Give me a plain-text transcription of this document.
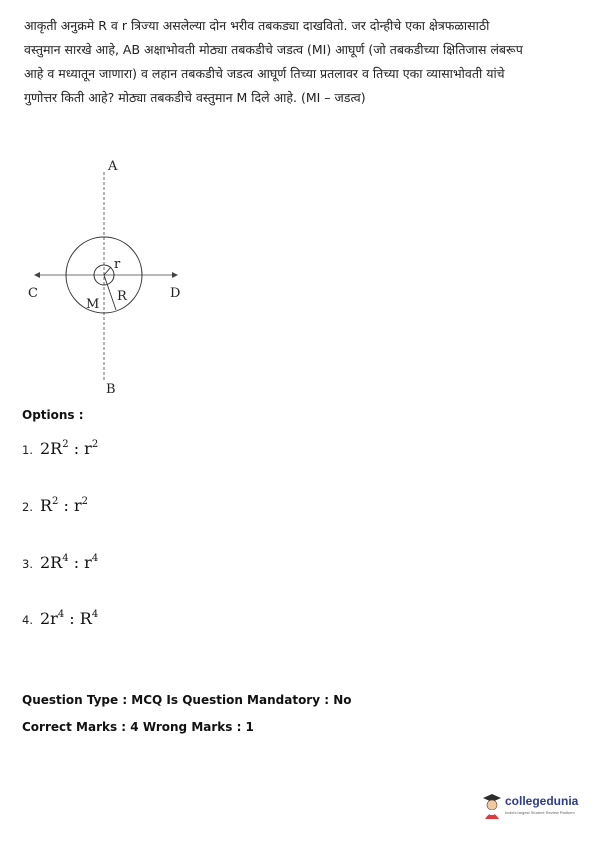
आकृती अनुक्रमे R व r त्रिज्या असलेल्या दोन भरीव तबकड्या दाखवितो. जर दोन्हीचे एका क्षेत्रफळासाठी

वस्तुमान सारखे आहे, AB अक्षाभोवती मोठ्या तबकडीचे जडत्व (MI) आघूर्ण (जो तबकडीच्या क्षितिजास लंबरूप

आहे व मध्यातून जाणारा) व लहान तबकडीचे जडत्व आघूर्ण तिच्या प्रतलावर व तिच्या एका व्यासाभोवती यांचे

गुणोत्तर किती आहे? मोठ्या तबकडीचे वस्तुमान M दिले आहे. (MI – जडत्व)

A
B
C	D
M
R
r
Options :
1. $2R^2$ : $r^2$
2. $R^2$ : $r^2$
3. $2R^4$ : $r^4$
4. $2r^4$ : $R^4$
Question Type : MCQ Is Question Mandatory : No
Correct Marks : 4 Wrong Marks : 1
collegedunia
India's largest Student Review Platform
